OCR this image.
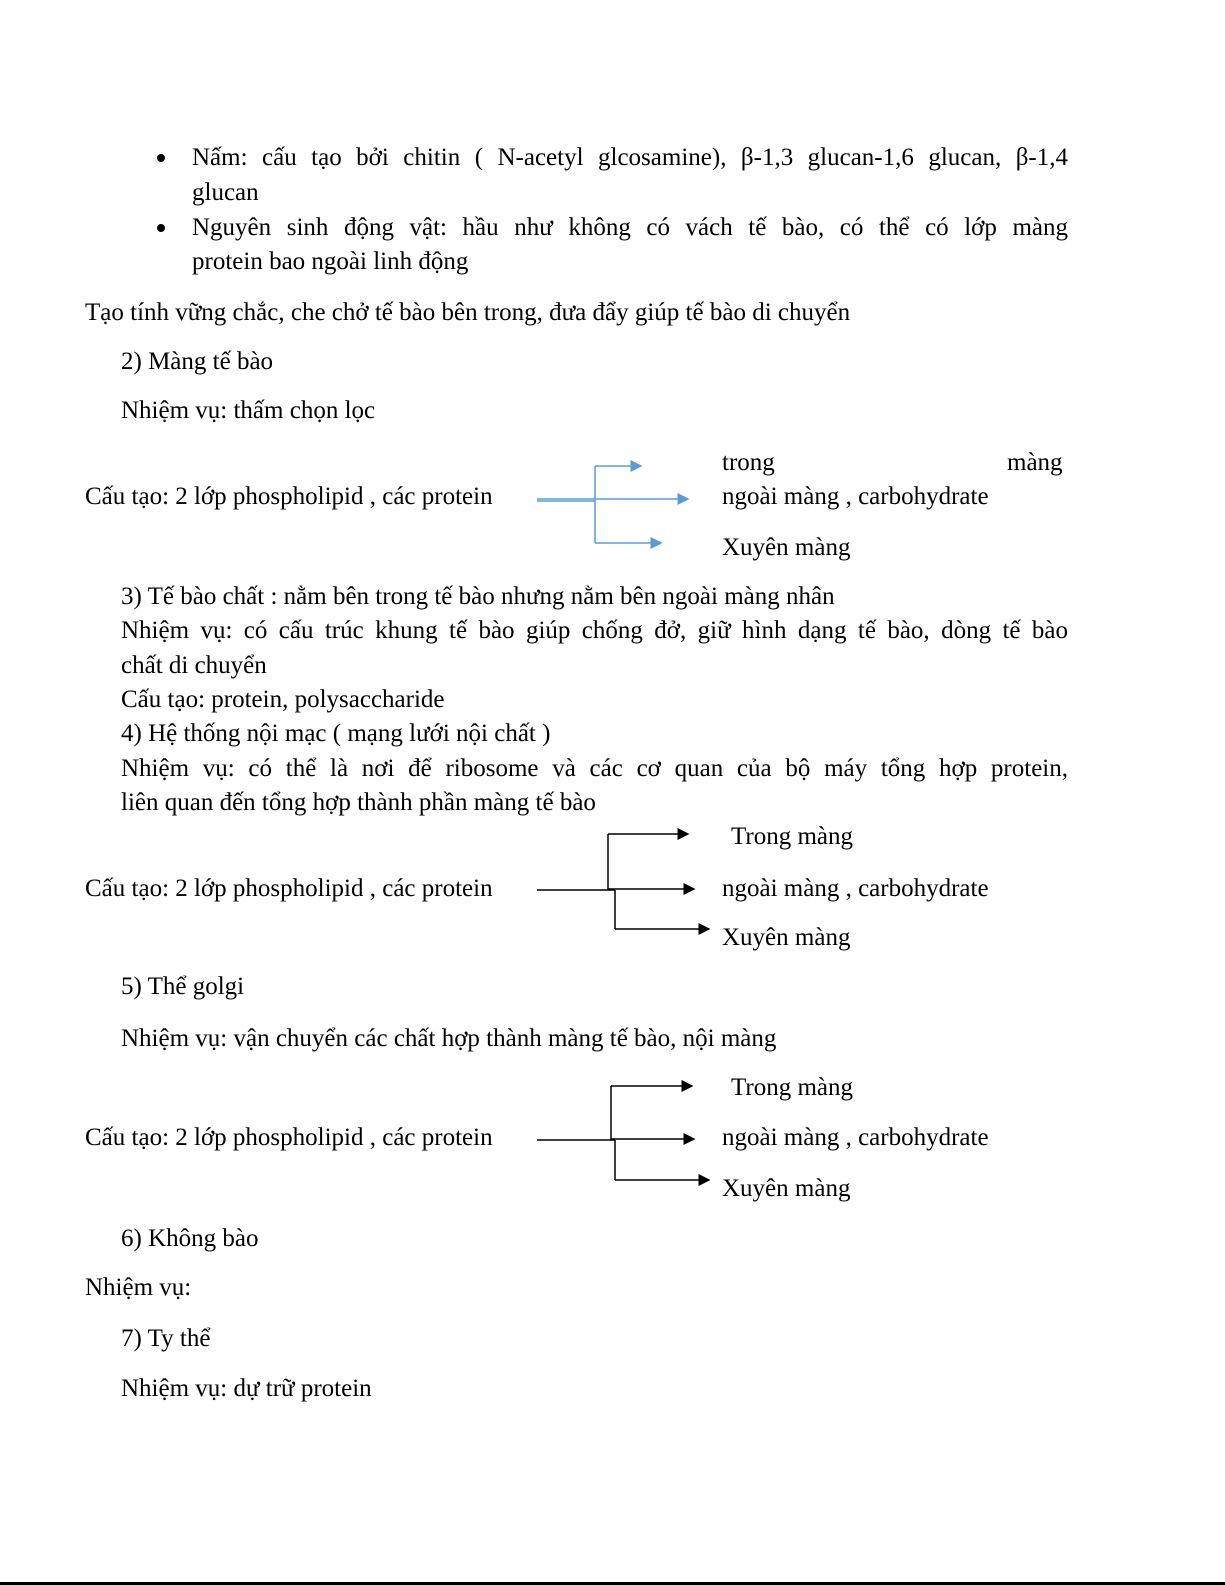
Nấm: cấu tạo bởi chitin ( N-acetyl glcosamine), β-1,3 glucan-1,6 glucan, β-1,4
glucan
Nguyên sinh động vật: hầu như không có vách tế bào, có thể có lớp màng
protein bao ngoài linh động
Tạo tính vững chắc, che chở tế bào bên trong, đưa đẩy giúp tế bào di chuyển
2) Màng tế bào
Nhiệm vụ: thấm chọn lọc
Cấu tạo: 2 lớp phospholipid , các protein
trong	màng
ngoài màng , carbohydrate
Xuyên màng
3) Tế bào chất : nằm bên trong tế bào nhưng nằm bên ngoài màng nhân
Nhiệm vụ: có cấu trúc khung tế bào giúp chống đở, giữ hình dạng tế bào, dòng tế bào
chất di chuyển
Cấu tạo: protein, polysaccharide
4) Hệ thống nội mạc ( mạng lưới nội chất )
Nhiệm vụ: có thể là nơi để ribosome và các cơ quan của bộ máy tổng hợp protein,
liên quan đến tổng hợp thành phần màng tế bào
Cấu tạo: 2 lớp phospholipid , các protein
Trong màng
ngoài màng , carbohydrate
Xuyên màng
5) Thể golgi
Nhiệm vụ: vận chuyển các chất hợp thành màng tế bào, nội màng
Cấu tạo: 2 lớp phospholipid , các protein
Trong màng
ngoài màng , carbohydrate
Xuyên màng
6) Không bào
Nhiệm vụ:
7) Ty thể
Nhiệm vụ: dự trữ protein
